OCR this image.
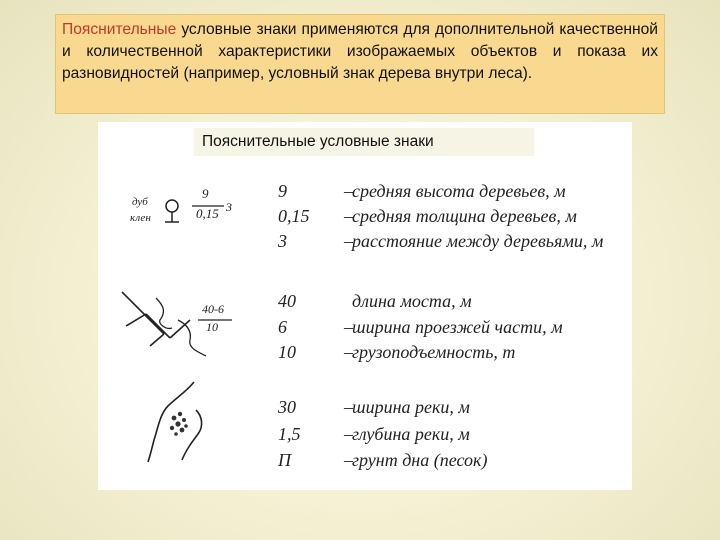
Пояснительные условные знаки применяются для дополнительной качественной и количественной характеристики изображаемых объектов и показа их разновидностей (например, условный знак дерева внутри леса).

Пояснительные условные знаки
дуб
клен
9
0,15 3
9	– средняя высота деревьев, м
0,15 – средняя толщина деревьев, м
3	– расстояние между деревьями, м
40-6
10
40	длина моста, м
6	– ширина проезжей части, м
10	– грузоподъемность, т
30	– ширина реки, м
1,5 – глубина реки, м
П	– грунт дна (песок)
